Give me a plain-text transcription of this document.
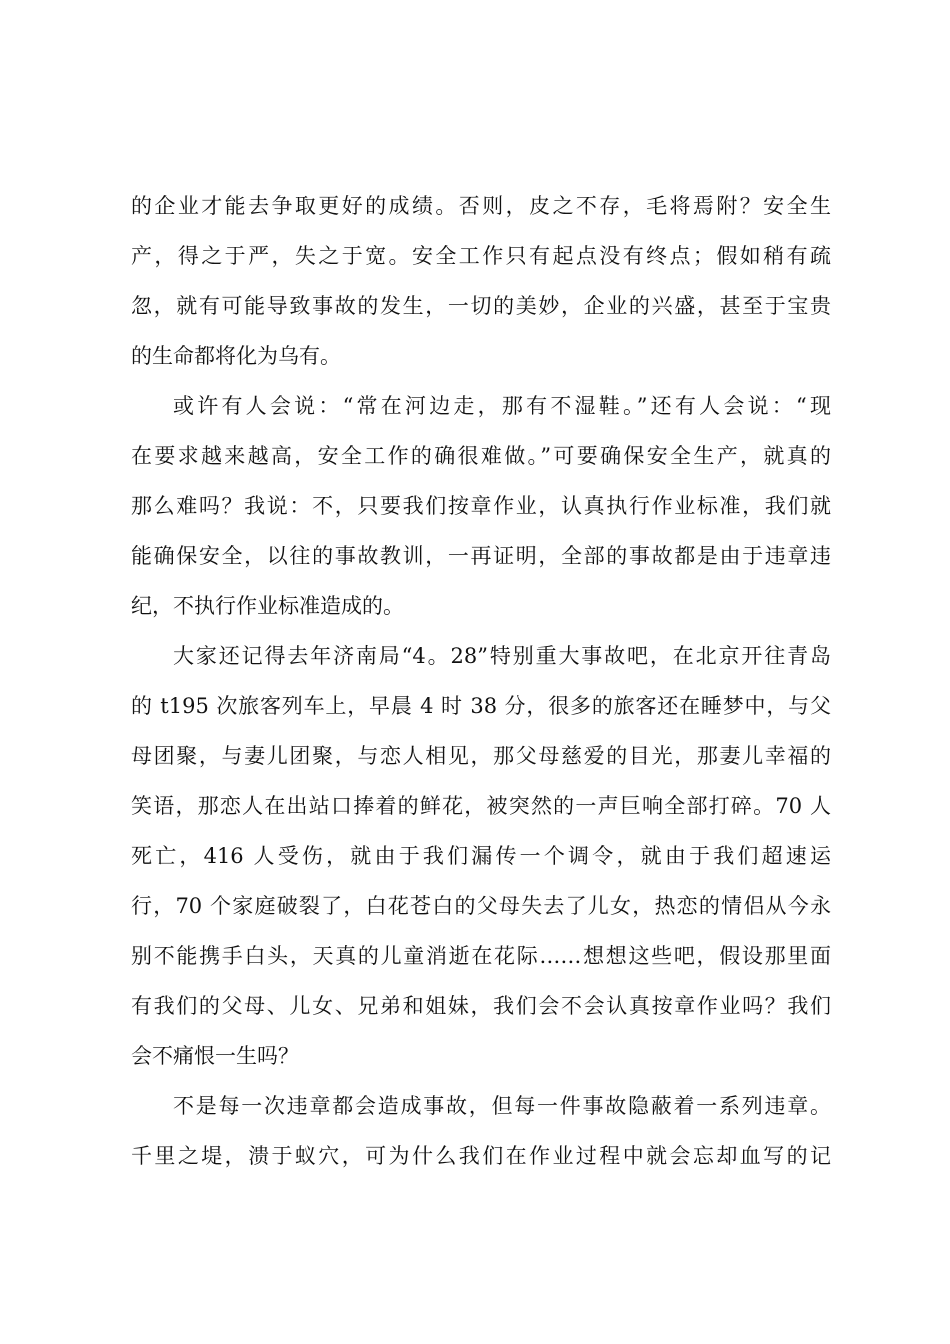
的企业才能去争取更好的成绩。否则，皮之不存，毛将焉附？安全生
产，得之于严，失之于宽。安全工作只有起点没有终点；假如稍有疏
忽，就有可能导致事故的发生，一切的美妙，企业的兴盛，甚至于宝贵
的生命都将化为乌有。
或许有人会说：“常在河边走，那有不湿鞋。”还有人会说：“现
在要求越来越高，安全工作的确很难做。”可要确保安全生产，就真的
那么难吗？我说：不，只要我们按章作业，认真执行作业标准，我们就
能确保安全，以往的事故教训，一再证明，全部的事故都是由于违章违
纪，不执行作业标准造成的。
大家还记得去年济南局“4。28”特别重大事故吧，在北京开往青岛
的 t195 次旅客列车上，早晨 4 时 38 分，很多的旅客还在睡梦中，与父
母团聚，与妻儿团聚，与恋人相见，那父母慈爱的目光，那妻儿幸福的
笑语，那恋人在出站口捧着的鲜花，被突然的一声巨响全部打碎。70 人
死亡，416 人受伤，就由于我们漏传一个调令，就由于我们超速运
行，70 个家庭破裂了，白花苍白的父母失去了儿女，热恋的情侣从今永
别不能携手白头，天真的儿童消逝在花际……想想这些吧，假设那里面
有我们的父母、儿女、兄弟和姐妹，我们会不会认真按章作业吗？我们
会不痛恨一生吗？
不是每一次违章都会造成事故，但每一件事故隐蔽着一系列违章。
千里之堤，溃于蚁穴，可为什么我们在作业过程中就会忘却血写的记
